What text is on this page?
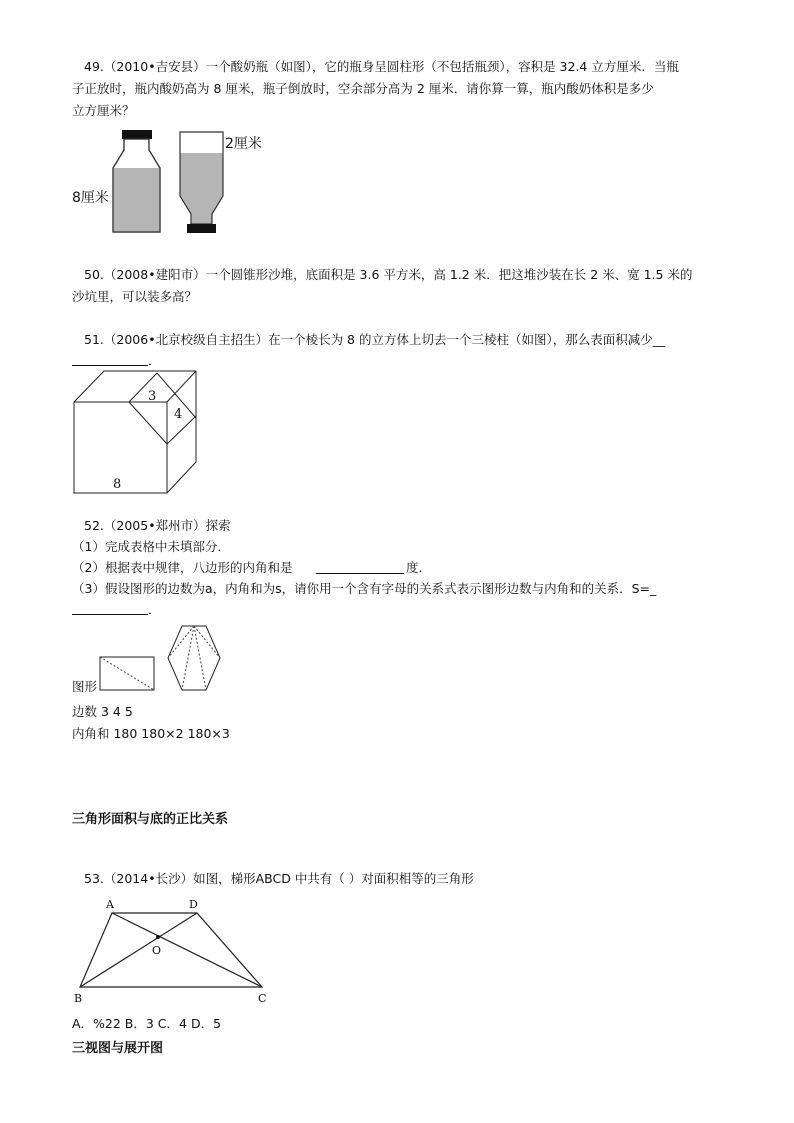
49.（2010•吉安县）一个酸奶瓶（如图），它的瓶身呈圆柱形（不包括瓶颈），容积是 32.4 立方厘米．当瓶
子正放时，瓶内酸奶高为 8 厘米，瓶子倒放时，空余部分高为 2 厘米．请你算一算，瓶内酸奶体积是多少
立方厘米？
2厘米
8厘米
50.（2008•建阳市）一个圆锥形沙堆，底面积是 3.6 平方米，高 1.2 米．把这堆沙装在长 2 米、宽 1.5 米的
沙坑里，可以装多高？
51.（2006•北京校级自主招生）在一个棱长为 8 的立方体上切去一个三棱柱（如图），那么表面积减少__
．
3
4
8
52.（2005•郑州市）探索
（1）完成表格中未填部分．
（2）根据表中规律，八边形的内角和是	度．
（3）假设图形的边数为a，内角和为s，请你用一个含有字母的关系式表示图形边数与内角和的关系．S=_
．
图形
边数 3 4 5
内角和 180 180×2 180×3
三角形面积与底的正比关系
53.（2014•长沙）如图，梯形ABCD 中共有（ ）对面积相等的三角形
A	D
O
B	C
A．%22 B．3 C．4 D．5
三视图与展开图
